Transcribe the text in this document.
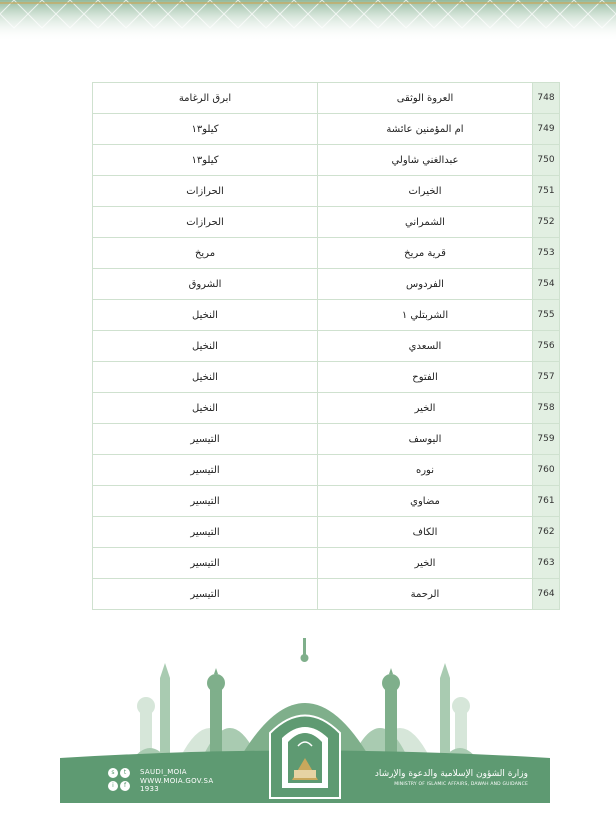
ابرق الرغامة	العروة الوثقى	748
كيلو١٣	ام المؤمنين عائشة	749
كيلو١٣	عبدالغني شاولي	750
الحرازات	الخيرات	751
الحرازات	الشمراني	752
مريخ	قرية مريخ	753
الشروق	الفردوس	754
النخيل	الشربتلي ١	755
النخيل	السعدي	756
النخيل	الفتوح	757
النخيل	الخير	758
التيسير	اليوسف	759
التيسير	نوره	760
التيسير	مضاوي	761
التيسير	الكاف	762
التيسير	الخير	763
التيسير	الرحمة	764
s	t
i	f
SAUDI_MOIA
WWW.MOIA.GOV.SA
1933
وزارة الشؤون الإسلامية والدعوة والإرشاد
MINISTRY OF ISLAMIC AFFAIRS, DAWAH AND GUIDANCE
